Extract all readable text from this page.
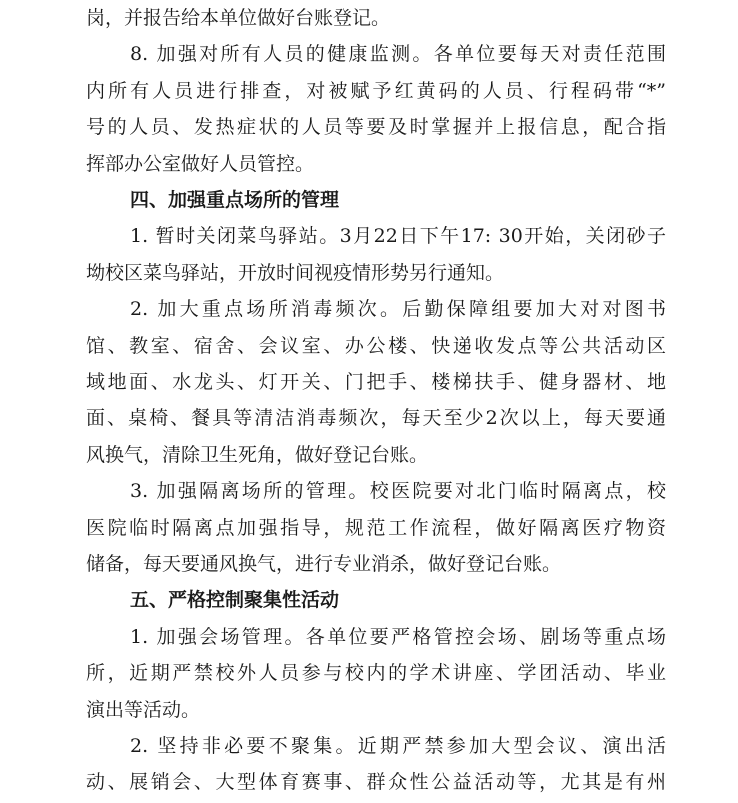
岗，并报告给本单位做好台账登记。
8. 加强对所有人员的健康监测。各单位要每天对责任范围
内所有人员进行排查，对被赋予红黄码的人员、行程码带“*”
号的人员、发热症状的人员等要及时掌握并上报信息，配合指
挥部办公室做好人员管控。
四、加强重点场所的管理
1. 暂时关闭菜鸟驿站。3月22日下午17: 30开始，关闭砂子
坳校区菜鸟驿站，开放时间视疫情形势另行通知。
2. 加大重点场所消毒频次。后勤保障组要加大对对图书
馆、教室、宿舍、会议室、办公楼、快递收发点等公共活动区
域地面、水龙头、灯开关、门把手、楼梯扶手、健身器材、地
面、桌椅、餐具等清洁消毒频次，每天至少2次以上，每天要通
风换气，清除卫生死角，做好登记台账。
3. 加强隔离场所的管理。校医院要对北门临时隔离点，校
医院临时隔离点加强指导，规范工作流程，做好隔离医疗物资
储备，每天要通风换气，进行专业消杀，做好登记台账。
五、严格控制聚集性活动
1. 加强会场管理。各单位要严格管控会场、剧场等重点场
所，近期严禁校外人员参与校内的学术讲座、学团活动、毕业
演出等活动。
2. 坚持非必要不聚集。近期严禁参加大型会议、演出活
动、展销会、大型体育赛事、群众性公益活动等，尤其是有州
